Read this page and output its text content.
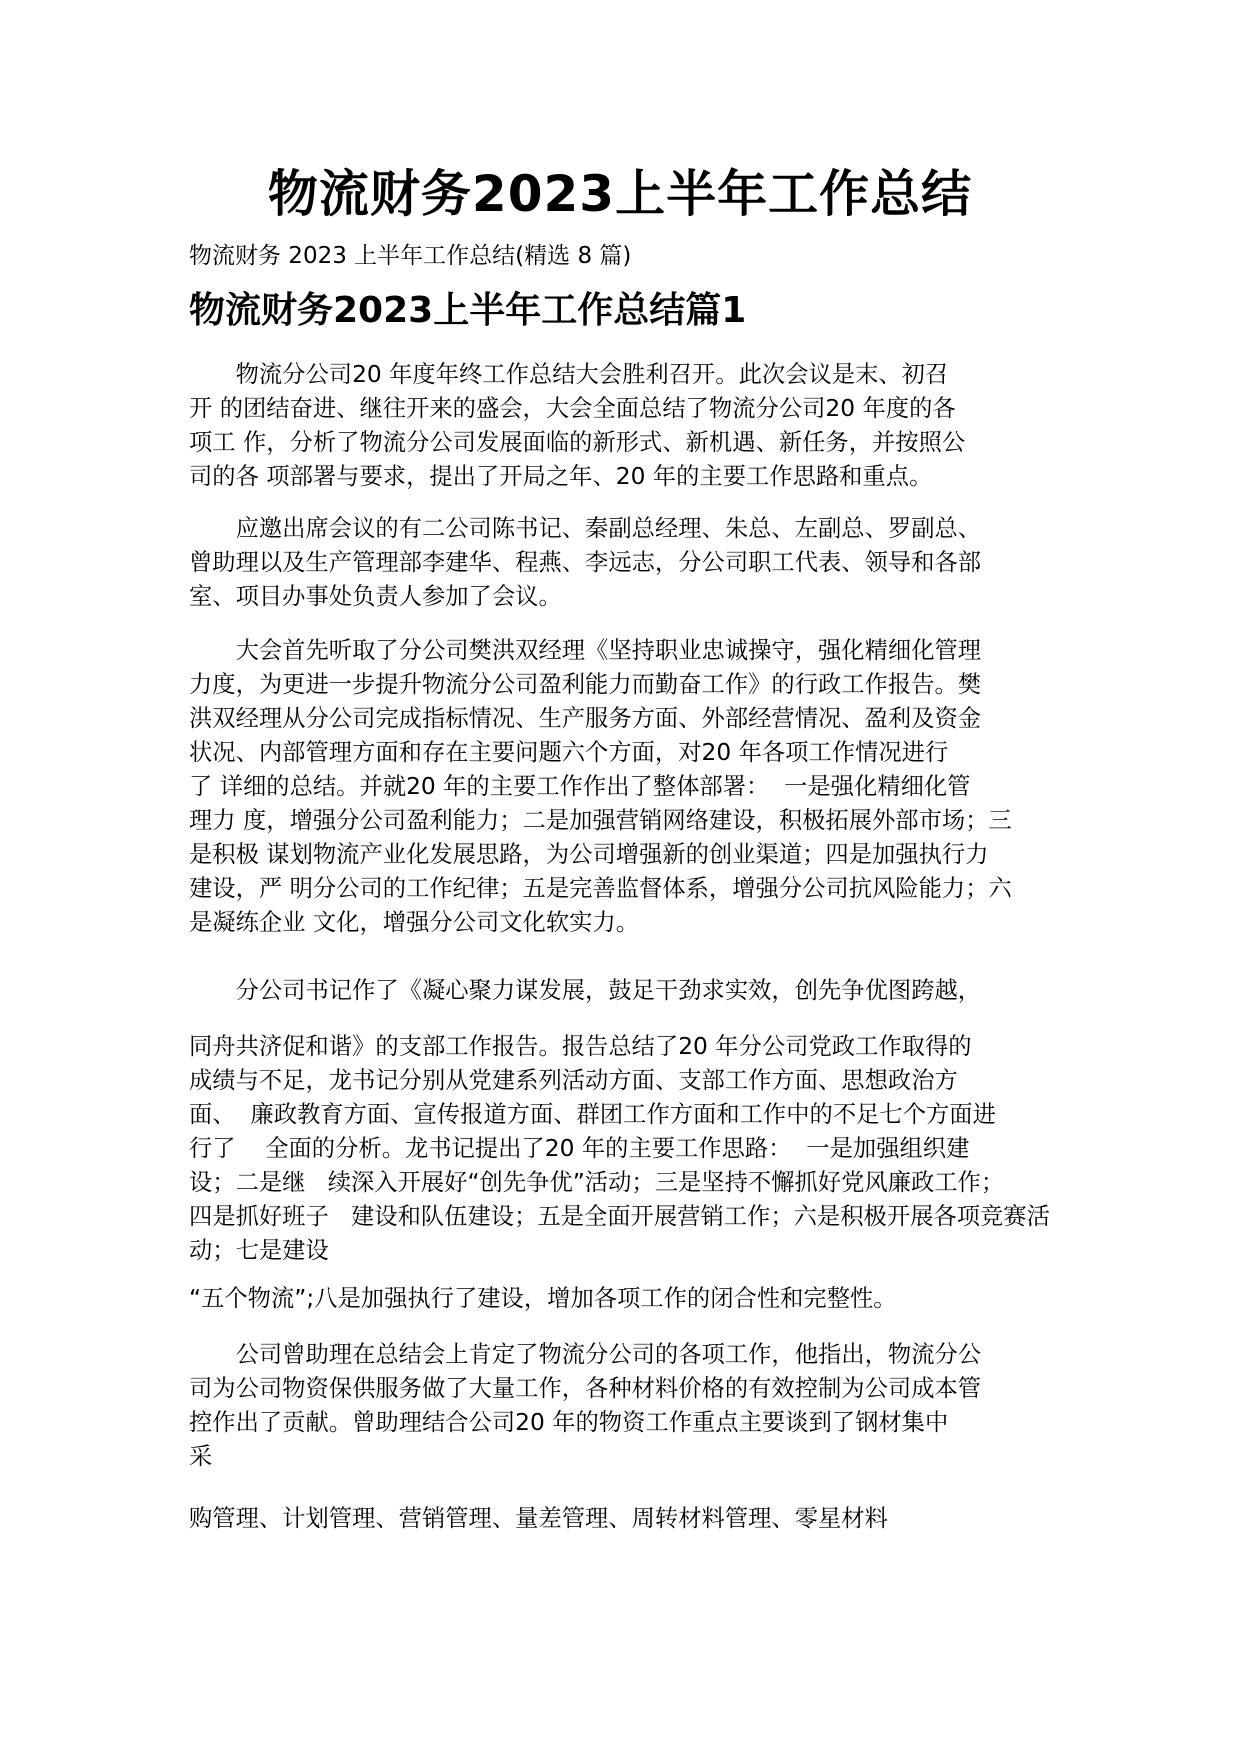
物流财务2023上半年工作总结
物流财务 2023 上半年工作总结(精选 8 篇)
物流财务2023上半年工作总结篇1
物流分公司20 年度年终工作总结大会胜利召开。此次会议是末、初召
开 的团结奋进、继往开来的盛会，大会全面总结了物流分公司20 年度的各
项工 作，分析了物流分公司发展面临的新形式、新机遇、新任务，并按照公
司的各 项部署与要求，提出了开局之年、20 年的主要工作思路和重点。
应邀出席会议的有二公司陈书记、秦副总经理、朱总、左副总、罗副总、
曾助理以及生产管理部李建华、程燕、李远志，分公司职工代表、领导和各部
室、项目办事处负责人参加了会议。
大会首先听取了分公司樊洪双经理《坚持职业忠诚操守，强化精细化管理
力度，为更进一步提升物流分公司盈利能力而勤奋工作》的行政工作报告。樊
洪双经理从分公司完成指标情况、生产服务方面、外部经营情况、盈利及资金
状况、内部管理方面和存在主要问题六个方面，对20 年各项工作情况进行
了 详细的总结。并就20 年的主要工作作出了整体部署：  一是强化精细化管
理力 度，增强分公司盈利能力；二是加强营销网络建设，积极拓展外部市场；三
是积极 谋划物流产业化发展思路，为公司增强新的创业渠道；四是加强执行力
建设，严 明分公司的工作纪律；五是完善监督体系，增强分公司抗风险能力；六
是凝练企业 文化，增强分公司文化软实力。
分公司书记作了《凝心聚力谋发展，鼓足干劲求实效，创先争优图跨越，
同舟共济促和谐》的支部工作报告。报告总结了20 年分公司党政工作取得的
成绩与不足，龙书记分别从党建系列活动方面、支部工作方面、思想政治方
面、  廉政教育方面、宣传报道方面、群团工作方面和工作中的不足七个方面进
行了    全面的分析。龙书记提出了20 年的主要工作思路：  一是加强组织建
设；二是继   续深入开展好“创先争优”活动；三是坚持不懈抓好党风廉政工作；
四是抓好班子   建设和队伍建设；五是全面开展营销工作；六是积极开展各项竞赛活
动；七是建设
“五个物流”;八是加强执行了建设，增加各项工作的闭合性和完整性。
公司曾助理在总结会上肯定了物流分公司的各项工作，他指出，物流分公
司为公司物资保供服务做了大量工作，各种材料价格的有效控制为公司成本管
控作出了贡献。曾助理结合公司20 年的物资工作重点主要谈到了钢材集中
采
购管理、计划管理、营销管理、量差管理、周转材料管理、零星材料
